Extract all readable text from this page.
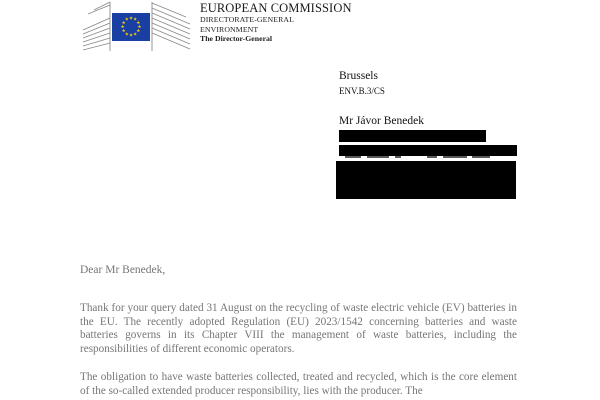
★ ★
★
★
★
★
★
★
★
★
★
★
EUROPEAN COMMISSION
DIRECTORATE-GENERAL
ENVIRONMENT
The Director-General
Brussels
ENV.B.3/CS
Mr Jávor Benedek
Dear Mr Benedek,

Thank for your query dated 31 August on the recycling of waste electric vehicle (EV) batteries in the EU. The recently adopted Regulation (EU) 2023/1542 concerning batteries and waste batteries governs in its Chapter VIII the management of waste batteries, including the responsibilities of different economic operators.

The obligation to have waste batteries collected, treated and recycled, which is the core element of the so-called extended producer responsibility, lies with the producer. The
